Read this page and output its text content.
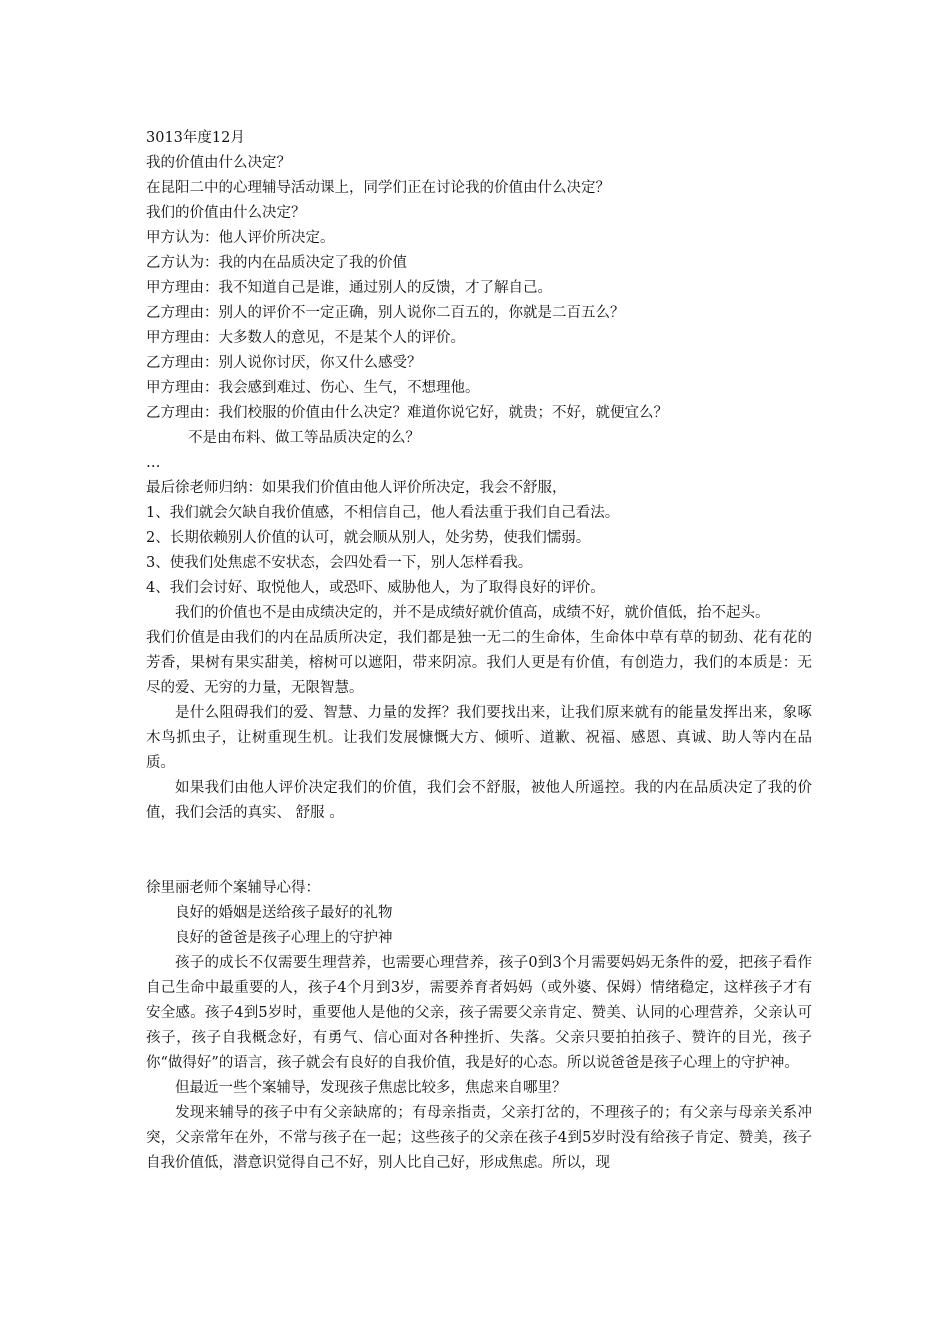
3013年度12月

我的价值由什么决定？

在昆阳二中的心理辅导活动课上，同学们正在讨论我的价值由什么决定？

我们的价值由什么决定？

甲方认为：他人评价所决定。

乙方认为：我的内在品质决定了我的价值

甲方理由：我不知道自己是谁，通过别人的反馈，才了解自己。

乙方理由：别人的评价不一定正确，别人说你二百五的，你就是二百五么？

甲方理由：大多数人的意见，不是某个人的评价。

乙方理由：别人说你讨厌，你又什么感受？

甲方理由：我会感到难过、伤心、生气，不想理他。

乙方理由：我们校服的价值由什么决定？难道你说它好，就贵；不好，就便宜么？

不是由布料、做工等品质决定的么？

…

最后徐老师归纳：如果我们价值由他人评价所决定，我会不舒服，

1、我们就会欠缺自我价值感，不相信自己，他人看法重于我们自己看法。

2、长期依赖别人价值的认可，就会顺从别人，处劣势，使我们懦弱。

3、使我们处焦虑不安状态，会四处看一下，别人怎样看我。

4、我们会讨好、取悦他人，或恐吓、威胁他人，为了取得良好的评价。

我们的价值也不是由成绩决定的，并不是成绩好就价值高，成绩不好，就价值低，抬不起头。

我们价值是由我们的内在品质所决定，我们都是独一无二的生命体，生命体中草有草的韧劲、花有花的芳香，果树有果实甜美，榕树可以遮阳，带来阴凉。我们人更是有价值，有创造力，我们的本质是：无尽的爱、无穷的力量，无限智慧。

是什么阻碍我们的爱、智慧、力量的发挥？我们要找出来，让我们原来就有的能量发挥出来，象啄木鸟抓虫子，让树重现生机。让我们发展慷慨大方、倾听、道歉、祝福、感恩、真诚、助人等内在品质。

如果我们由他人评价决定我们的价值，我们会不舒服，被他人所遥控。我的内在品质决定了我的价值，我们会活的真实、 舒服 。

徐里丽老师个案辅导心得：

良好的婚姻是送给孩子最好的礼物

良好的爸爸是孩子心理上的守护神

孩子的成长不仅需要生理营养，也需要心理营养，孩子0到3个月需要妈妈无条件的爱，把孩子看作自己生命中最重要的人，孩子4个月到3岁，需要养育者妈妈（或外婆、保姆）情绪稳定，这样孩子才有安全感。孩子4到5岁时，重要他人是他的父亲，孩子需要父亲肯定、赞美、认同的心理营养，父亲认可孩子，孩子自我概念好，有勇气、信心面对各种挫折、失落。父亲只要拍拍孩子、赞许的目光，孩子你“做得好”的语言，孩子就会有良好的自我价值，我是好的心态。所以说爸爸是孩子心理上的守护神。

但最近一些个案辅导，发现孩子焦虑比较多，焦虑来自哪里？

发现来辅导的孩子中有父亲缺席的；有母亲指责，父亲打岔的，不理孩子的；有父亲与母亲关系冲突，父亲常年在外，不常与孩子在一起；这些孩子的父亲在孩子4到5岁时没有给孩子肯定、赞美，孩子自我价值低，潜意识觉得自己不好，别人比自己好，形成焦虑。所以，现
